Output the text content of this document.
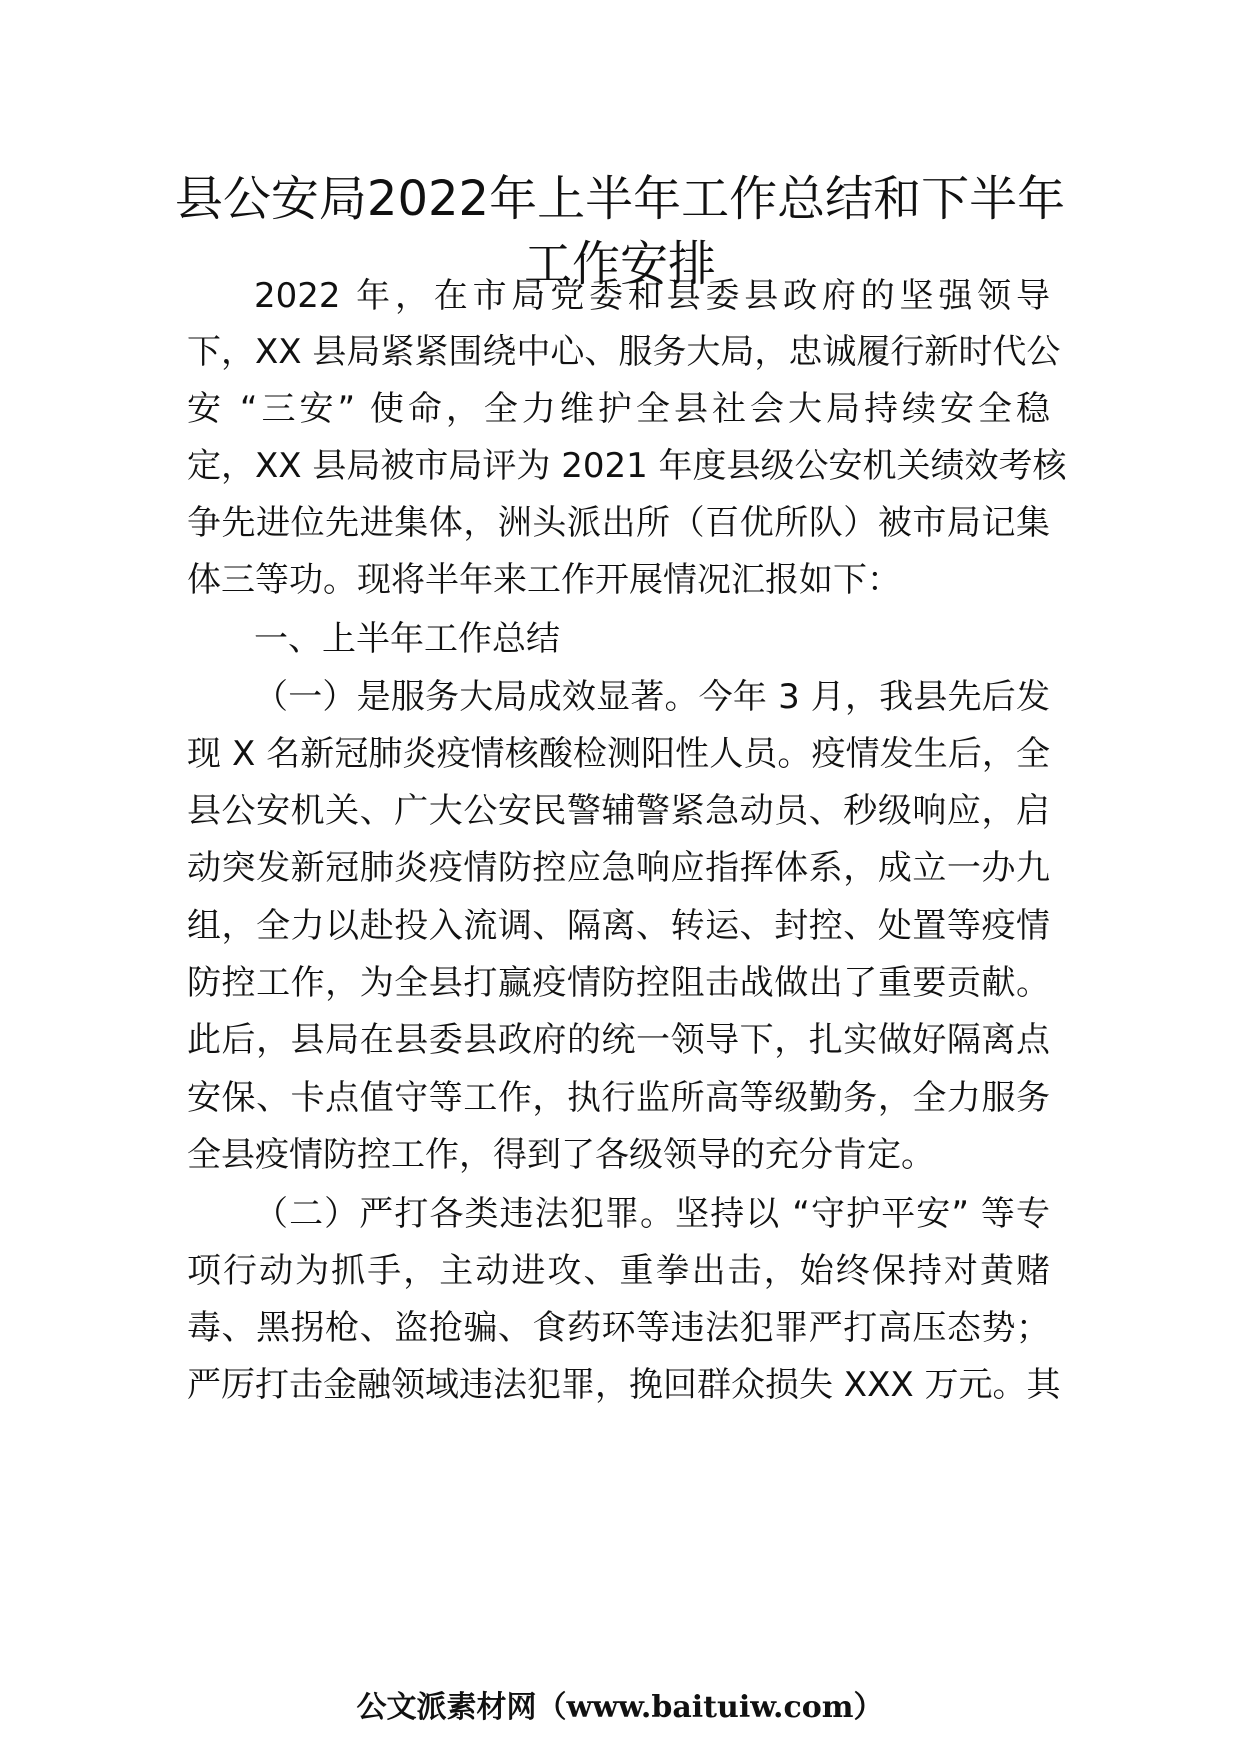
县公安局2022年上半年工作总结和下半年
工作安排
2022 年，在市局党委和县委县政府的坚强领导
下，XX 县局紧紧围绕中心、服务大局，忠诚履行新时代公
安 “三安” 使命，全力维护全县社会大局持续安全稳
定，XX 县局被市局评为 2021 年度县级公安机关绩效考核
争先进位先进集体，洲头派出所（百优所队）被市局记集
体三等功。现将半年来工作开展情况汇报如下：
一、上半年工作总结
（一）是服务大局成效显著。今年 3 月，我县先后发
现 X 名新冠肺炎疫情核酸检测阳性人员。疫情发生后，全
县公安机关、广大公安民警辅警紧急动员、秒级响应，启
动突发新冠肺炎疫情防控应急响应指挥体系，成立一办九
组，全力以赴投入流调、隔离、转运、封控、处置等疫情
防控工作，为全县打赢疫情防控阻击战做出了重要贡献。
此后，县局在县委县政府的统一领导下，扎实做好隔离点
安保、卡点值守等工作，执行监所高等级勤务，全力服务
全县疫情防控工作，得到了各级领导的充分肯定。
（二）严打各类违法犯罪。坚持以 “守护平安” 等专
项行动为抓手，主动进攻、重拳出击，始终保持对黄赌
毒、黑拐枪、盗抢骗、食药环等违法犯罪严打高压态势；
严厉打击金融领域违法犯罪，挽回群众损失 XXX 万元。其
公文派素材网（www.baituiw.com）
